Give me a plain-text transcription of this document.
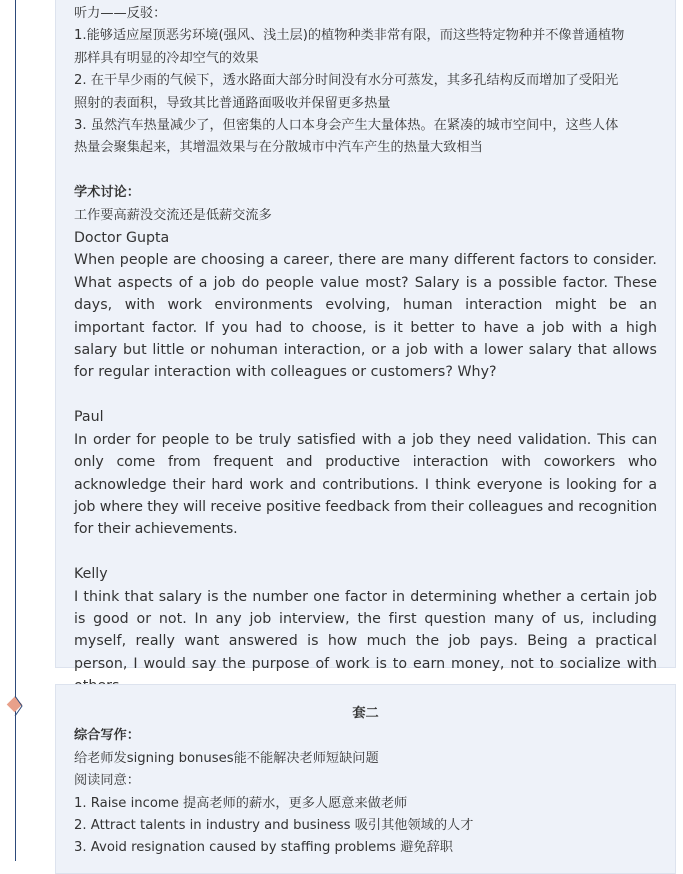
听力——反驳：
1.能够适应屋顶恶劣环境(强风、浅土层)的植物种类非常有限，而这些特定物种并不像普通植物
那样具有明显的冷却空气的效果
2. 在干旱少雨的气候下，透水路面大部分时间没有水分可蒸发，其多孔结构反而增加了受阳光
照射的表面积，导致其比普通路面吸收并保留更多热量
3. 虽然汽车热量减少了，但密集的人口本身会产生大量体热。在紧凑的城市空间中，这些人体
热量会聚集起来，其增温效果与在分散城市中汽车产生的热量大致相当
学术讨论：
工作要高薪没交流还是低薪交流多
Doctor Gupta
When people are choosing a career, there are many different factors to consider. What aspects of a job do people value most? Salary is a possible factor. These days, with work environments evolving, human interaction might be an important factor. If you had to choose, is it better to have a job with a high salary but little or nohuman interaction, or a job with a lower salary that allows for regular interaction with colleagues or customers? Why?
Paul
In order for people to be truly satisfied with a job they need validation. This can only come from frequent and productive interaction with coworkers who acknowledge their hard work and contributions. I think everyone is looking for a job where they will receive positive feedback from their colleagues and recognition for their achievements.
Kelly
I think that salary is the number one factor in determining whether a certain job is good or not. In any job interview, the first question many of us, including myself, really want answered is how much the job pays. Being a practical person, I would say the purpose of work is to earn money, not to socialize with
套二
综合写作：
给老师发signing bonuses能不能解决老师短缺问题
阅读同意：
1. Raise income 提高老师的薪水，更多人愿意来做老师
2. Attract talents in industry and business 吸引其他领域的人才
3. Avoid resignation caused by staffing problems 避免辞职
